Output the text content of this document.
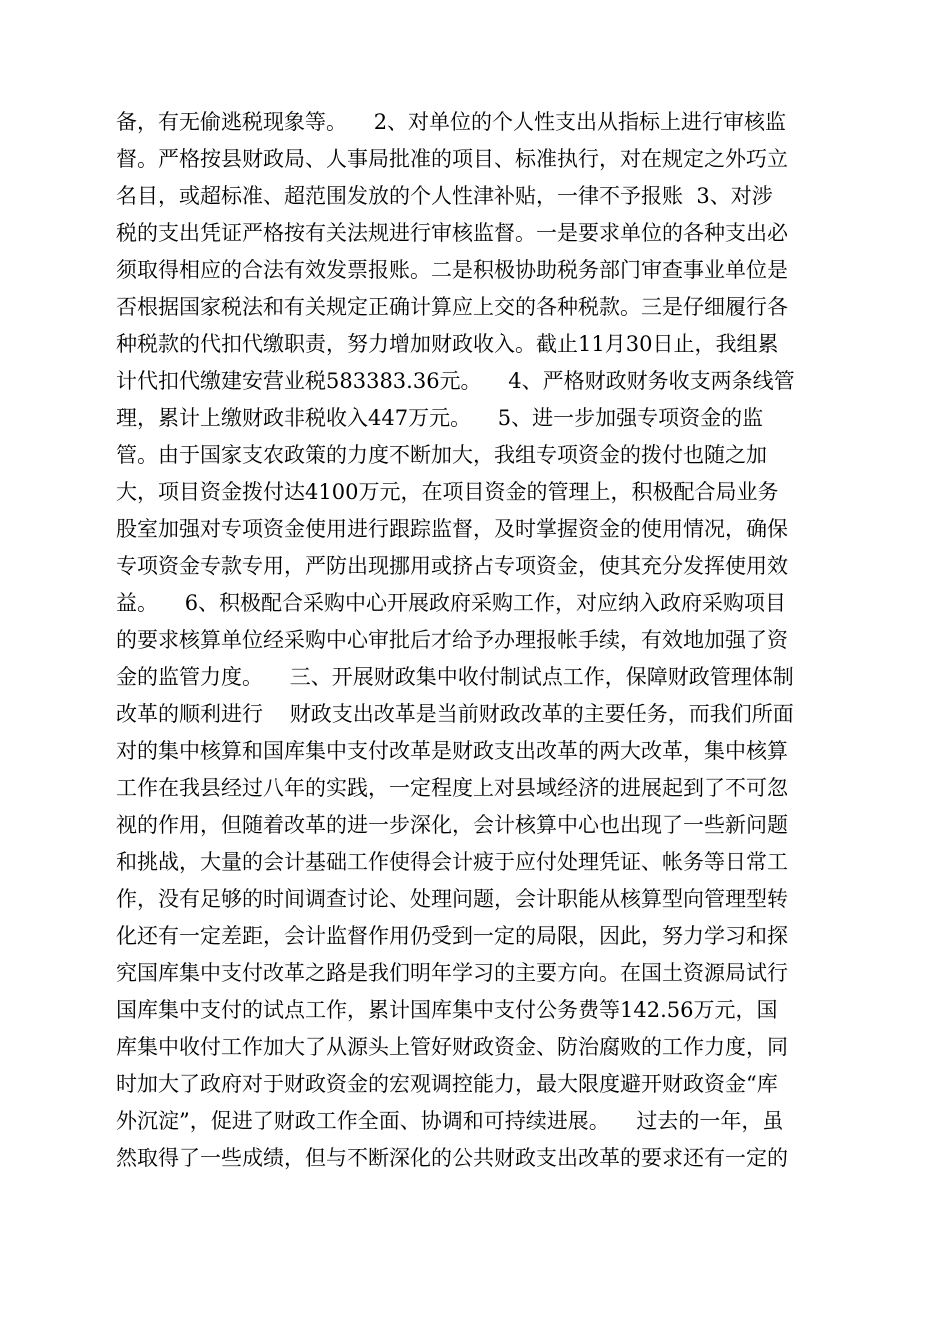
备，有无偷逃税现象等。    2、对单位的个人性支出从指标上进行审核监
督。严格按县财政局、人事局批准的项目、标准执行，对在规定之外巧立
名目，或超标准、超范围发放的个人性津补贴，一律不予报账  3、对涉
税的支出凭证严格按有关法规进行审核监督。一是要求单位的各种支出必
须取得相应的合法有效发票报账。二是积极协助税务部门审查事业单位是
否根据国家税法和有关规定正确计算应上交的各种税款。三是仔细履行各
种税款的代扣代缴职责，努力增加财政收入。截止11月30日止，我组累
计代扣代缴建安营业税583383.36元。    4、严格财政财务收支两条线管
理，累计上缴财政非税收入447万元。    5、进一步加强专项资金的监
管。由于国家支农政策的力度不断加大，我组专项资金的拨付也随之加
大，项目资金拨付达4100万元，在项目资金的管理上，积极配合局业务
股室加强对专项资金使用进行跟踪监督，及时掌握资金的使用情况，确保
专项资金专款专用，严防出现挪用或挤占专项资金，使其充分发挥使用效
益。    6、积极配合采购中心开展政府采购工作，对应纳入政府采购项目
的要求核算单位经采购中心审批后才给予办理报帐手续，有效地加强了资
金的监管力度。    三、开展财政集中收付制试点工作，保障财政管理体制
改革的顺利进行    财政支出改革是当前财政改革的主要任务，而我们所面
对的集中核算和国库集中支付改革是财政支出改革的两大改革，集中核算
工作在我县经过八年的实践，一定程度上对县域经济的进展起到了不可忽
视的作用，但随着改革的进一步深化，会计核算中心也出现了一些新问题
和挑战，大量的会计基础工作使得会计疲于应付处理凭证、帐务等日常工
作，没有足够的时间调查讨论、处理问题，会计职能从核算型向管理型转
化还有一定差距，会计监督作用仍受到一定的局限，因此，努力学习和探
究国库集中支付改革之路是我们明年学习的主要方向。在国土资源局试行
国库集中支付的试点工作，累计国库集中支付公务费等142.56万元，国
库集中收付工作加大了从源头上管好财政资金、防治腐败的工作力度，同
时加大了政府对于财政资金的宏观调控能力，最大限度避开财政资金“库
外沉淀”，促进了财政工作全面、协调和可持续进展。    过去的一年，虽
然取得了一些成绩，但与不断深化的公共财政支出改革的要求还有一定的
